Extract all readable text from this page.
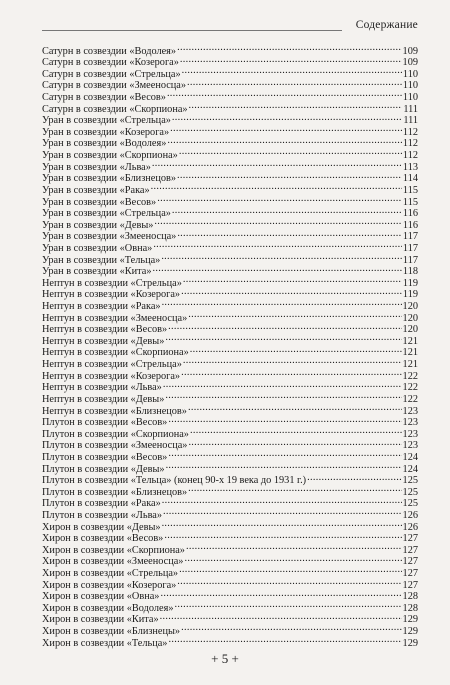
Содержание
Сатурн в созвездии «Водолея» .....	109
Сатурн в созвездии «Козерога» .....	109
Сатурн в созвездии «Стрельца» .....	110
Сатурн в созвездии «Змееносца» .....	110
Сатурн в созвездии «Весов» .....	110
Сатурн в созвездии «Скорпиона» .....	111
Уран в созвездии «Стрельца» .....	111
Уран в созвездии «Козерога» .....	112
Уран в созвездии «Водолея» .....	112
Уран в созвездии «Скорпиона» .....	112
Уран в созвездии «Льва» .....	113
Уран в созвездии «Близнецов» .....	114
Уран в созвездии «Рака» .....	115
Уран в созвездии «Весов» .....	115
Уран в созвездии «Стрельца» .....	116
Уран в созвездии «Девы» .....	116
Уран в созвездии «Змееносца» .....	117
Уран в созвездии «Овна» .....	117
Уран в созвездии «Тельца» .....	117
Уран в созвездии «Кита» .....	118
Нептун в созвездии «Стрельца» .....	119
Нептун в созвездии «Козерога» .....	119
Нептун в созвездии «Рака» .....	120
Нептун в созвездии «Змееносца» .....	120
Нептун в созвездии «Весов» .....	120
Нептун в созвездии «Девы» .....	121
Нептун в созвездии «Скорпиона» .....	121
Нептун в созвездии «Стрельца» .....	121
Нептун в созвездии «Козерога» .....	122
Нептун в созвездии «Льва» .....	122
Нептун в созвездии «Девы» .....	122
Нептун в созвездии «Близнецов» .....	123
Плутон в созвездии «Весов» .....	123
Плутон в созвездии «Скорпиона» .....	123
Плутон в созвездии «Змееносца» .....	123
Плутон в созвездии «Весов» .....	124
Плутон в созвездии «Девы» .....	124
Плутон в созвездии «Тельца» (конец 90-х 19 века до 1931 г.) .....	125
Плутон в созвездии «Близнецов» .....	125
Плутон в созвездии «Рака» .....	125
Плутон в созвездии «Льва» .....	126
Хирон в созвездии «Девы» .....	126
Хирон в созвездии «Весов» .....	127
Хирон в созвездии «Скорпиона» .....	127
Хирон в созвездии «Змееносца» .....	127
Хирон в созвездии «Стрельца» .....	127
Хирон в созвездии «Козерога» .....	127
Хирон в созвездии «Овна» .....	128
Хирон в созвездии «Водолея» .....	128
Хирон в созвездии «Кита» .....	129
Хирон в созвездии «Близнецы» .....	129
Хирон в созвездии «Тельца» .....	129
+ 5 +
